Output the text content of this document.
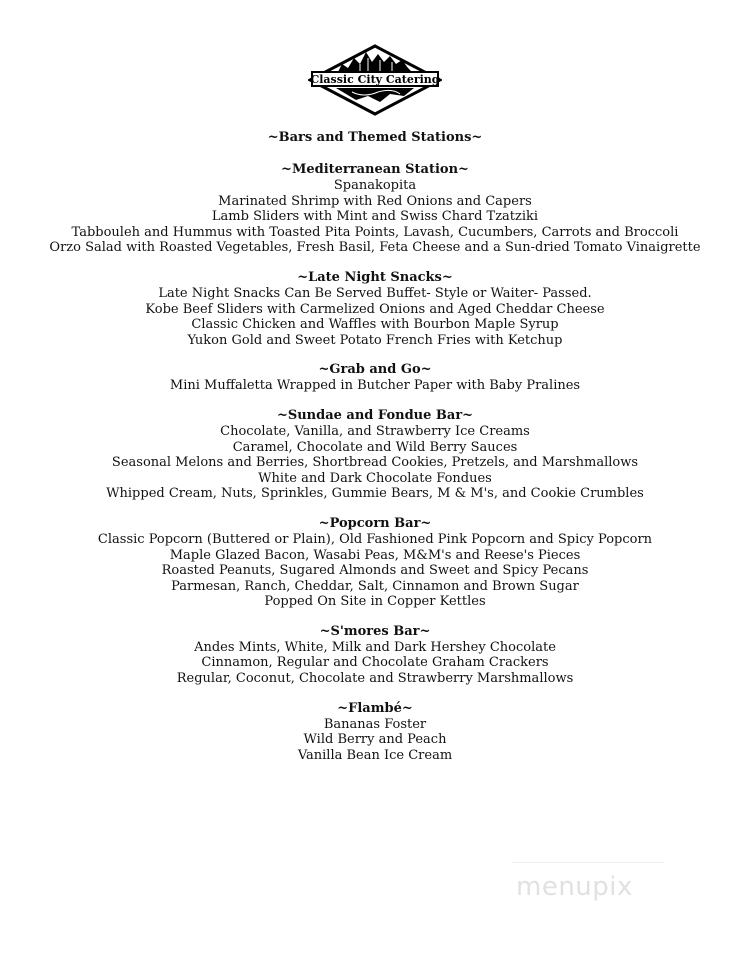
Classic City Catering
~Bars and Themed Stations~
~Mediterranean Station~
Spanakopita
Marinated Shrimp with Red Onions and Capers
Lamb Sliders with Mint and Swiss Chard Tzatziki
Tabbouleh and Hummus with Toasted Pita Points, Lavash, Cucumbers, Carrots and Broccoli
Orzo Salad with Roasted Vegetables, Fresh Basil, Feta Cheese and a Sun-dried Tomato Vinaigrette
~Late Night Snacks~
Late Night Snacks Can Be Served Buffet- Style or Waiter- Passed.
Kobe Beef Sliders with Carmelized Onions and Aged Cheddar Cheese
Classic Chicken and Waffles with Bourbon Maple Syrup
Yukon Gold and Sweet Potato French Fries with Ketchup
~Grab and Go~
Mini Muffaletta Wrapped in Butcher Paper with Baby Pralines
~Sundae and Fondue Bar~
Chocolate, Vanilla, and Strawberry Ice Creams
Caramel, Chocolate and Wild Berry Sauces
Seasonal Melons and Berries, Shortbread Cookies, Pretzels, and Marshmallows
White and Dark Chocolate Fondues
Whipped Cream, Nuts, Sprinkles, Gummie Bears, M & M's, and Cookie Crumbles
~Popcorn Bar~
Classic Popcorn (Buttered or Plain), Old Fashioned Pink Popcorn and Spicy Popcorn
Maple Glazed Bacon, Wasabi Peas, M&M's and Reese's Pieces
Roasted Peanuts, Sugared Almonds and Sweet and Spicy Pecans
Parmesan, Ranch, Cheddar, Salt, Cinnamon and Brown Sugar
Popped On Site in Copper Kettles
~S'mores Bar~
Andes Mints, White, Milk and Dark Hershey Chocolate
Cinnamon, Regular and Chocolate Graham Crackers
Regular, Coconut, Chocolate and Strawberry Marshmallows
~Flambé~
Bananas Foster
Wild Berry and Peach
Vanilla Bean Ice Cream
menupix
